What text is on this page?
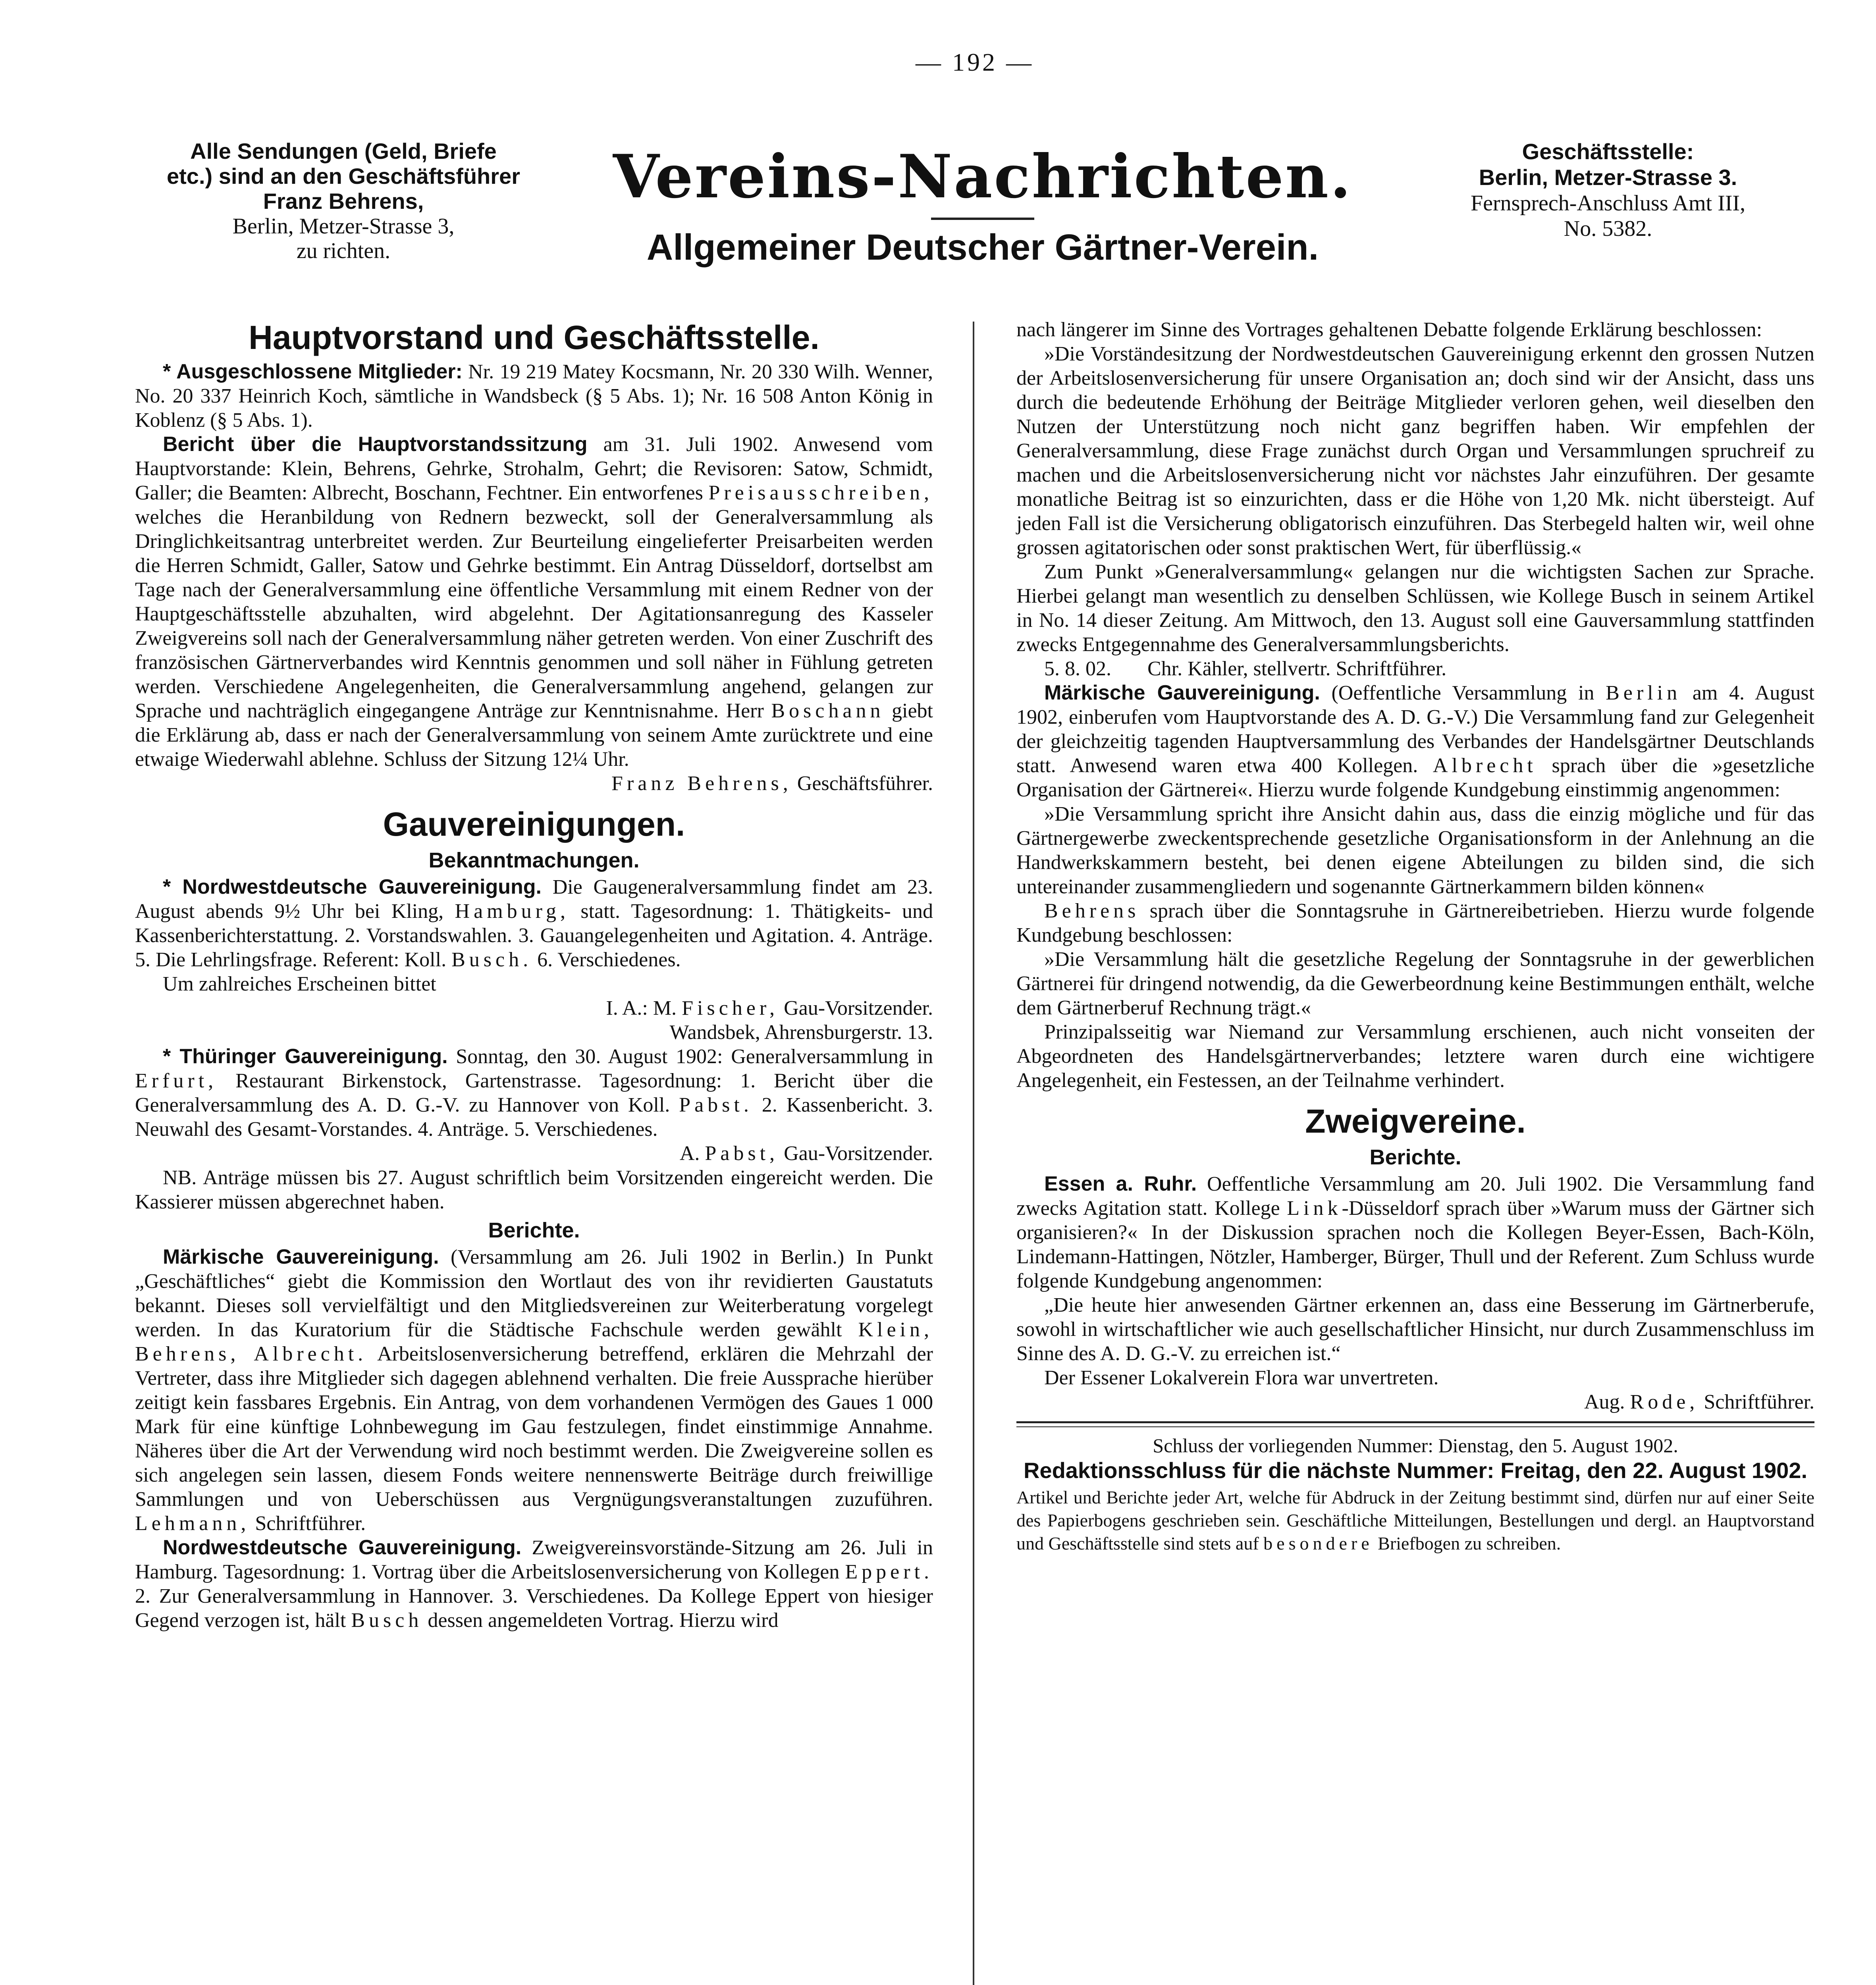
— 192 —
Alle Sendungen (Geld, Briefe
etc.) sind an den Geschäftsführer
Franz Behrens,
Berlin, Metzer-Strasse 3,
zu richten.
Vereins-Nachrichten.
Allgemeiner Deutscher Gärtner-Verein.
Geschäftsstelle:
Berlin, Metzer-Strasse 3.
Fernsprech-Anschluss Amt III,
No. 5382.
Hauptvorstand und Geschäftsstelle.

* Ausgeschlossene Mitglieder: Nr. 19 219 Matey Kocsmann, Nr. 20 330 Wilh. Wenner, No. 20 337 Heinrich Koch, sämtliche in Wandsbeck (§ 5 Abs. 1); Nr. 16 508 Anton König in Koblenz (§ 5 Abs. 1).

Bericht über die Hauptvorstandssitzung am 31. Juli 1902. Anwesend vom Hauptvorstande: Klein, Behrens, Gehrke, Strohalm, Gehrt; die Revisoren: Satow, Schmidt, Galler; die Beamten: Albrecht, Boschann, Fechtner. Ein entworfenes Preisausschreiben, welches die Heranbildung von Rednern bezweckt, soll der Generalversammlung als Dringlichkeitsantrag unterbreitet werden. Zur Beurteilung eingelieferter Preisarbeiten werden die Herren Schmidt, Galler, Satow und Gehrke bestimmt. Ein Antrag Düsseldorf, dortselbst am Tage nach der Generalversammlung eine öffentliche Versammlung mit einem Redner von der Hauptgeschäftsstelle abzuhalten, wird abgelehnt. Der Agitationsanregung des Kasseler Zweigvereins soll nach der Generalversammlung näher getreten werden. Von einer Zuschrift des französischen Gärtnerverbandes wird Kenntnis genommen und soll näher in Fühlung getreten werden. Verschiedene Angelegenheiten, die Generalversammlung angehend, gelangen zur Sprache und nachträglich eingegangene Anträge zur Kenntnisnahme. Herr Boschann giebt die Erklärung ab, dass er nach der Generalversammlung von seinem Amte zurücktrete und eine etwaige Wiederwahl ablehne. Schluss der Sitzung 12¼ Uhr.

Franz Behrens, Geschäftsführer.

Gauvereinigungen.
Bekanntmachungen.

* Nordwestdeutsche Gauvereinigung. Die Gaugeneralversammlung findet am 23. August abends 9½ Uhr bei Kling, Hamburg, statt. Tagesordnung: 1. Thätigkeits- und Kassenberichterstattung. 2. Vorstandswahlen. 3. Gauangelegenheiten und Agitation. 4. Anträge. 5. Die Lehrlingsfrage. Referent: Koll. Busch. 6. Verschiedenes.

Um zahlreiches Erscheinen bittet

I. A.: M. Fischer, Gau-Vorsitzender.

Wandsbek, Ahrensburgerstr. 13.

* Thüringer Gauvereinigung. Sonntag, den 30. August 1902: Generalversammlung in Erfurt, Restaurant Birkenstock, Gartenstrasse. Tagesordnung: 1. Bericht über die Generalversammlung des A. D. G.-V. zu Hannover von Koll. Pabst. 2. Kassenbericht. 3. Neuwahl des Gesamt-Vorstandes. 4. Anträge. 5. Verschiedenes.

A. Pabst, Gau-Vorsitzender.

NB. Anträge müssen bis 27. August schriftlich beim Vorsitzenden eingereicht werden. Die Kassierer müssen abgerechnet haben.

Berichte.

Märkische Gauvereinigung. (Versammlung am 26. Juli 1902 in Berlin.) In Punkt „Geschäftliches“ giebt die Kommission den Wortlaut des von ihr revidierten Gaustatuts bekannt. Dieses soll vervielfältigt und den Mitgliedsvereinen zur Weiterberatung vorgelegt werden. In das Kuratorium für die Städtische Fachschule werden gewählt Klein, Behrens, Albrecht. Arbeitslosenversicherung betreffend, erklären die Mehrzahl der Vertreter, dass ihre Mitglieder sich dagegen ablehnend verhalten. Die freie Aussprache hierüber zeitigt kein fassbares Ergebnis. Ein Antrag, von dem vorhandenen Vermögen des Gaues 1 000 Mark für eine künftige Lohnbewegung im Gau festzulegen, findet einstimmige Annahme. Näheres über die Art der Verwendung wird noch bestimmt werden. Die Zweigvereine sollen es sich angelegen sein lassen, diesem Fonds weitere nennenswerte Beiträge durch freiwillige Sammlungen und von Ueberschüssen aus Vergnügungsveranstaltungen zuzuführen. Lehmann, Schriftführer.

Nordwestdeutsche Gauvereinigung. Zweigvereinsvorstände-Sitzung am 26. Juli in Hamburg. Tagesordnung: 1. Vortrag über die Arbeitslosenversicherung von Kollegen Eppert. 2. Zur Generalversammlung in Hannover. 3. Verschiedenes. Da Kollege Eppert von hiesiger Gegend verzogen ist, hält Busch dessen angemeldeten Vortrag. Hierzu wird

nach längerer im Sinne des Vortrages gehaltenen Debatte folgende Erklärung beschlossen:

»Die Vorständesitzung der Nordwestdeutschen Gauvereinigung erkennt den grossen Nutzen der Arbeitslosenversicherung für unsere Organisation an; doch sind wir der Ansicht, dass uns durch die bedeutende Erhöhung der Beiträge Mitglieder verloren gehen, weil dieselben den Nutzen der Unterstützung noch nicht ganz begriffen haben. Wir empfehlen der Generalversammlung, diese Frage zunächst durch Organ und Versammlungen spruchreif zu machen und die Arbeitslosenversicherung nicht vor nächstes Jahr einzuführen. Der gesamte monatliche Beitrag ist so einzurichten, dass er die Höhe von 1,20 Mk. nicht übersteigt. Auf jeden Fall ist die Versicherung obligatorisch einzuführen. Das Sterbegeld halten wir, weil ohne grossen agitatorischen oder sonst praktischen Wert, für überflüssig.«

Zum Punkt »Generalversammlung« gelangen nur die wichtigsten Sachen zur Sprache. Hierbei gelangt man wesentlich zu denselben Schlüssen, wie Kollege Busch in seinem Artikel in No. 14 dieser Zeitung. Am Mittwoch, den 13. August soll eine Gauversammlung stattfinden zwecks Entgegennahme des Generalversammlungsberichts.

5. 8. 02. Chr. Kähler, stellvertr. Schriftführer.

Märkische Gauvereinigung. (Oeffentliche Versammlung in Berlin am 4. August 1902, einberufen vom Hauptvorstande des A. D. G.-V.) Die Versammlung fand zur Gelegenheit der gleichzeitig tagenden Hauptversammlung des Verbandes der Handelsgärtner Deutschlands statt. Anwesend waren etwa 400 Kollegen. Albrecht sprach über die »gesetzliche Organisation der Gärtnerei«. Hierzu wurde folgende Kundgebung einstimmig angenommen:

»Die Versammlung spricht ihre Ansicht dahin aus, dass die einzig mögliche und für das Gärtnergewerbe zweckentsprechende gesetzliche Organisationsform in der Anlehnung an die Handwerkskammern besteht, bei denen eigene Abteilungen zu bilden sind, die sich untereinander zusammengliedern und sogenannte Gärtnerkammern bilden können«

Behrens sprach über die Sonntagsruhe in Gärtnereibetrieben. Hierzu wurde folgende Kundgebung beschlossen:

»Die Versammlung hält die gesetzliche Regelung der Sonntagsruhe in der gewerblichen Gärtnerei für dringend notwendig, da die Gewerbeordnung keine Bestimmungen enthält, welche dem Gärtnerberuf Rechnung trägt.«

Prinzipalsseitig war Niemand zur Versammlung erschienen, auch nicht vonseiten der Abgeordneten des Handelsgärtnerverbandes; letztere waren durch eine wichtigere Angelegenheit, ein Festessen, an der Teilnahme verhindert.

Zweigvereine.
Berichte.

Essen a. Ruhr. Oeffentliche Versammlung am 20. Juli 1902. Die Versammlung fand zwecks Agitation statt. Kollege Link-Düsseldorf sprach über »Warum muss der Gärtner sich organisieren?« In der Diskussion sprachen noch die Kollegen Beyer-Essen, Bach-Köln, Lindemann-Hattingen, Nötzler, Hamberger, Bürger, Thull und der Referent. Zum Schluss wurde folgende Kundgebung angenommen:

„Die heute hier anwesenden Gärtner erkennen an, dass eine Besserung im Gärtnerberufe, sowohl in wirtschaftlicher wie auch gesellschaftlicher Hinsicht, nur durch Zusammenschluss im Sinne des A. D. G.-V. zu erreichen ist.“

Der Essener Lokalverein Flora war unvertreten.

Aug. Rode, Schriftführer.

Schluss der vorliegenden Nummer: Dienstag, den 5. August 1902.
Redaktionsschluss für die nächste Nummer: Freitag, den 22. August 1902.
Artikel und Berichte jeder Art, welche für Abdruck in der Zeitung bestimmt sind, dürfen nur auf einer Seite des Papierbogens geschrieben sein. Geschäftliche Mitteilungen, Bestellungen und dergl. an Hauptvorstand und Geschäftsstelle sind stets auf besondere Briefbogen zu schreiben.
